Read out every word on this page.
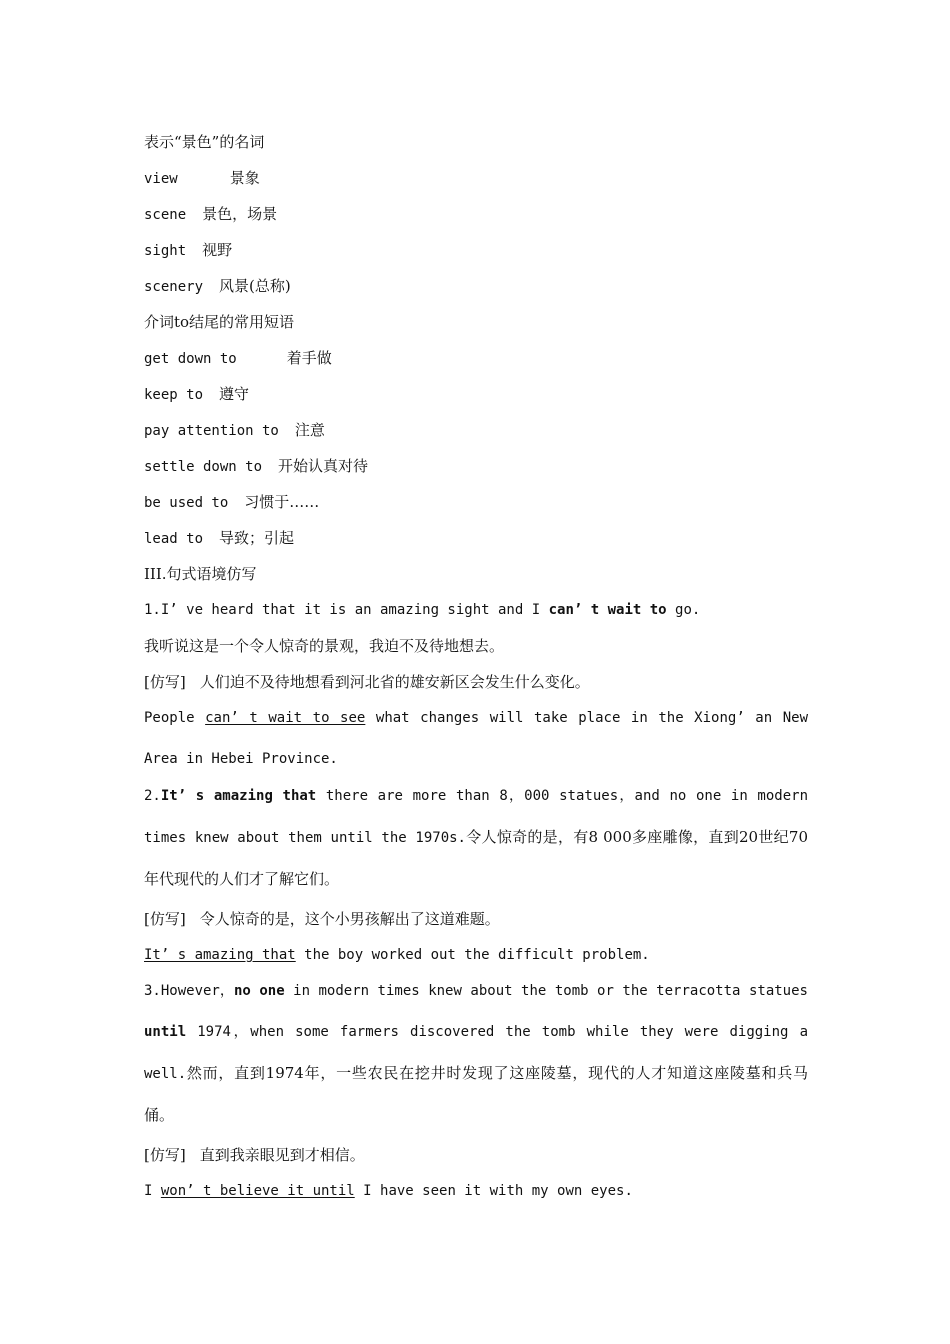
表示“景色”的名词
view	景象
scene 景色，场景
sight 视野
scenery 风景(总称)
介词to结尾的常用短语
get down to	着手做
keep to 遵守
pay attention to 注意
settle down to 开始认真对待
be used to 习惯于……
lead to 导致；引起
III.句式语境仿写
1.I’ ve heard that it is an amazing sight and I can’ t wait to go.
我听说这是一个令人惊奇的景观，我迫不及待地想去。
[仿写] 人们迫不及待地想看到河北省的雄安新区会发生什么变化。
People can’ t wait to see what changes will take place in the Xiong’ an New Area in Hebei Province.
2.It’ s amazing that there are more than 8，000 statues，and no one in modern times knew about them until the 1970s.令人惊奇的是，有8 000多座雕像，直到20世纪70年代现代的人们才了解它们。
[仿写] 令人惊奇的是，这个小男孩解出了这道难题。
It’ s amazing that the boy worked out the difficult problem.
3.However，no one in modern times knew about the tomb or the terracotta statues until 1974，when some farmers discovered the tomb while they were digging a well.然而，直到1974年，一些农民在挖井时发现了这座陵墓，现代的人才知道这座陵墓和兵马俑。
[仿写] 直到我亲眼见到才相信。
I won’ t believe it until I have seen it with my own eyes.
